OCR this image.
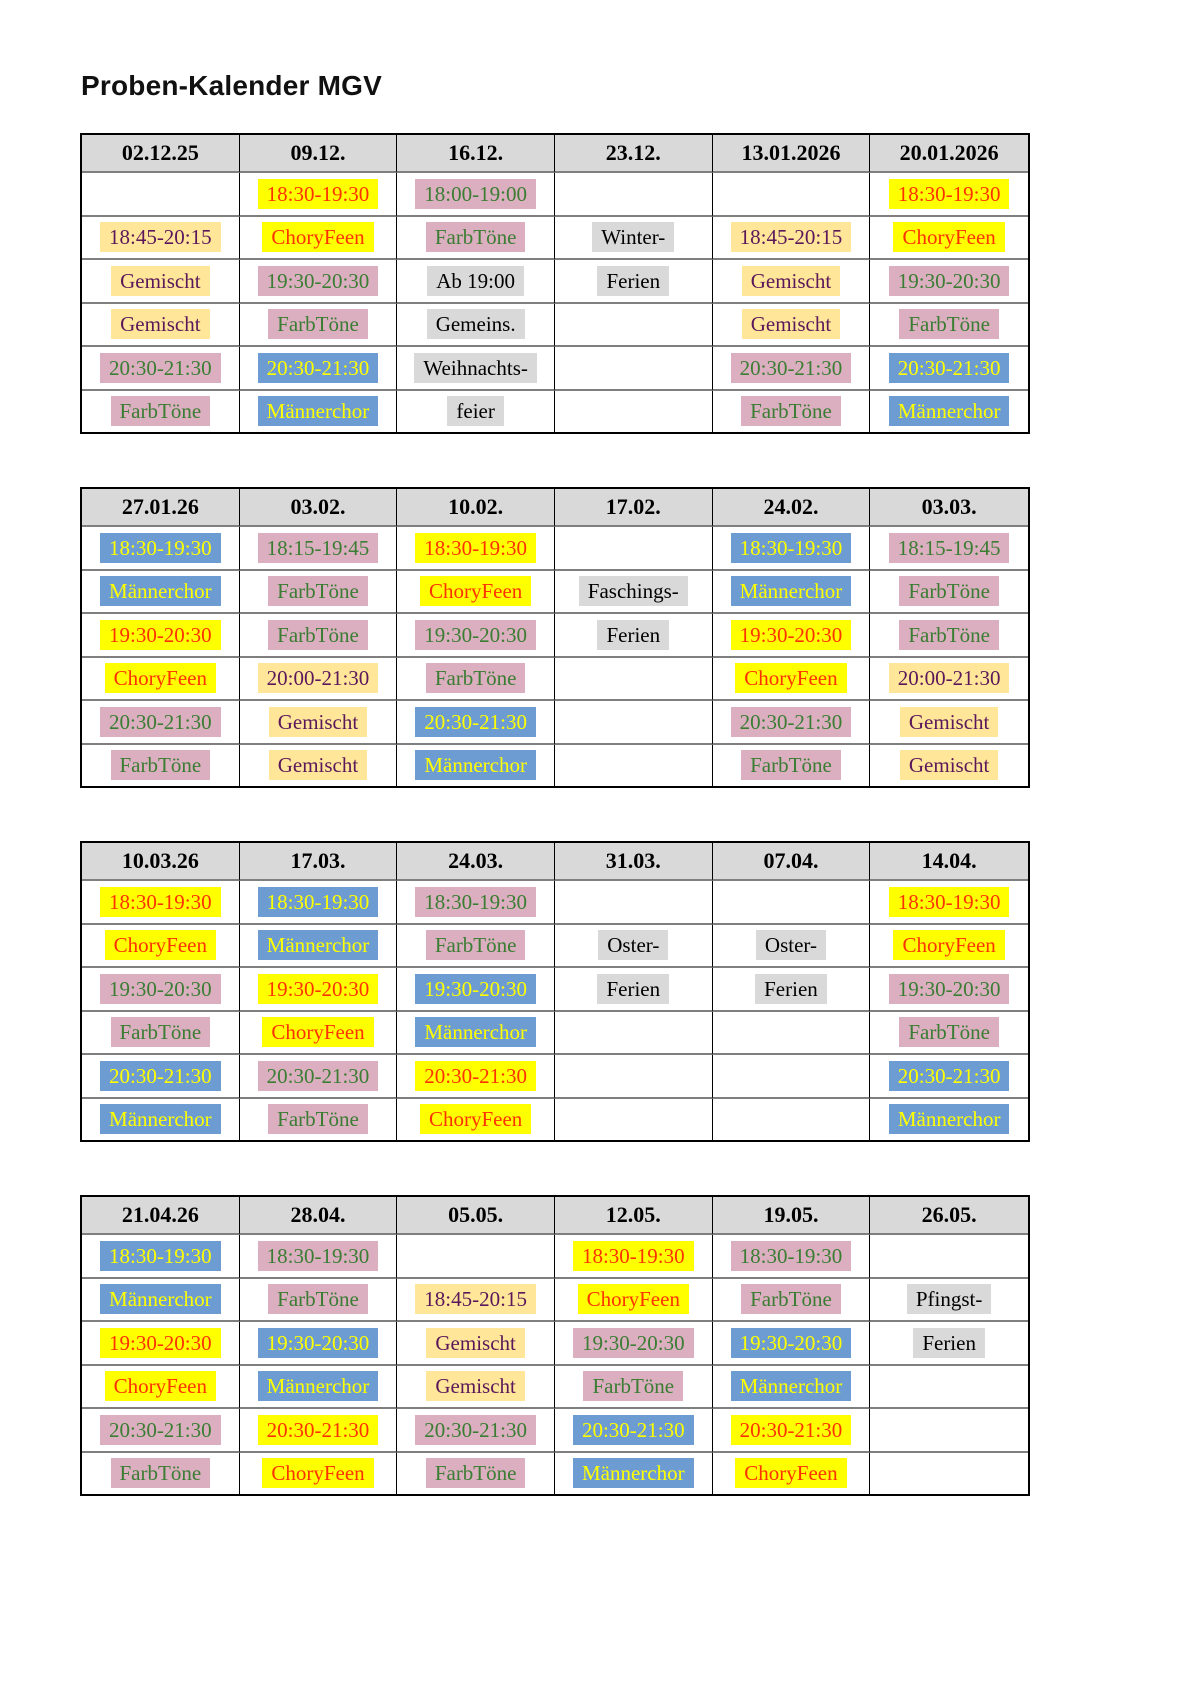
Proben-Kalender MGV
02.12.25	09.12.	16.12.	23.12.	13.01.2026	20.01.2026
	18:30-19:30	18:00-19:00			18:30-19:30
18:45-20:15	ChoryFeen	FarbTöne	Winter-	18:45-20:15	ChoryFeen
Gemischt	19:30-20:30	Ab 19:00	Ferien	Gemischt	19:30-20:30
Gemischt	FarbTöne	Gemeins.		Gemischt	FarbTöne
20:30-21:30	20:30-21:30	Weihnachts-		20:30-21:30	20:30-21:30
FarbTöne	Männerchor	feier		FarbTöne	Männerchor
27.01.26	03.02.	10.02.	17.02.	24.02.	03.03.
18:30-19:30	18:15-19:45	18:30-19:30		18:30-19:30	18:15-19:45
Männerchor	FarbTöne	ChoryFeen	Faschings-	Männerchor	FarbTöne
19:30-20:30	FarbTöne	19:30-20:30	Ferien	19:30-20:30	FarbTöne
ChoryFeen	20:00-21:30	FarbTöne		ChoryFeen	20:00-21:30
20:30-21:30	Gemischt	20:30-21:30		20:30-21:30	Gemischt
FarbTöne	Gemischt	Männerchor		FarbTöne	Gemischt
10.03.26	17.03.	24.03.	31.03.	07.04.	14.04.
18:30-19:30	18:30-19:30	18:30-19:30			18:30-19:30
ChoryFeen	Männerchor	FarbTöne	Oster-	Oster-	ChoryFeen
19:30-20:30	19:30-20:30	19:30-20:30	Ferien	Ferien	19:30-20:30
FarbTöne	ChoryFeen	Männerchor			FarbTöne
20:30-21:30	20:30-21:30	20:30-21:30			20:30-21:30
Männerchor	FarbTöne	ChoryFeen			Männerchor
21.04.26	28.04.	05.05.	12.05.	19.05.	26.05.
18:30-19:30	18:30-19:30		18:30-19:30	18:30-19:30	
Männerchor	FarbTöne	18:45-20:15	ChoryFeen	FarbTöne	Pfingst-
19:30-20:30	19:30-20:30	Gemischt	19:30-20:30	19:30-20:30	Ferien
ChoryFeen	Männerchor	Gemischt	FarbTöne	Männerchor	
20:30-21:30	20:30-21:30	20:30-21:30	20:30-21:30	20:30-21:30	
FarbTöne	ChoryFeen	FarbTöne	Männerchor	ChoryFeen	
